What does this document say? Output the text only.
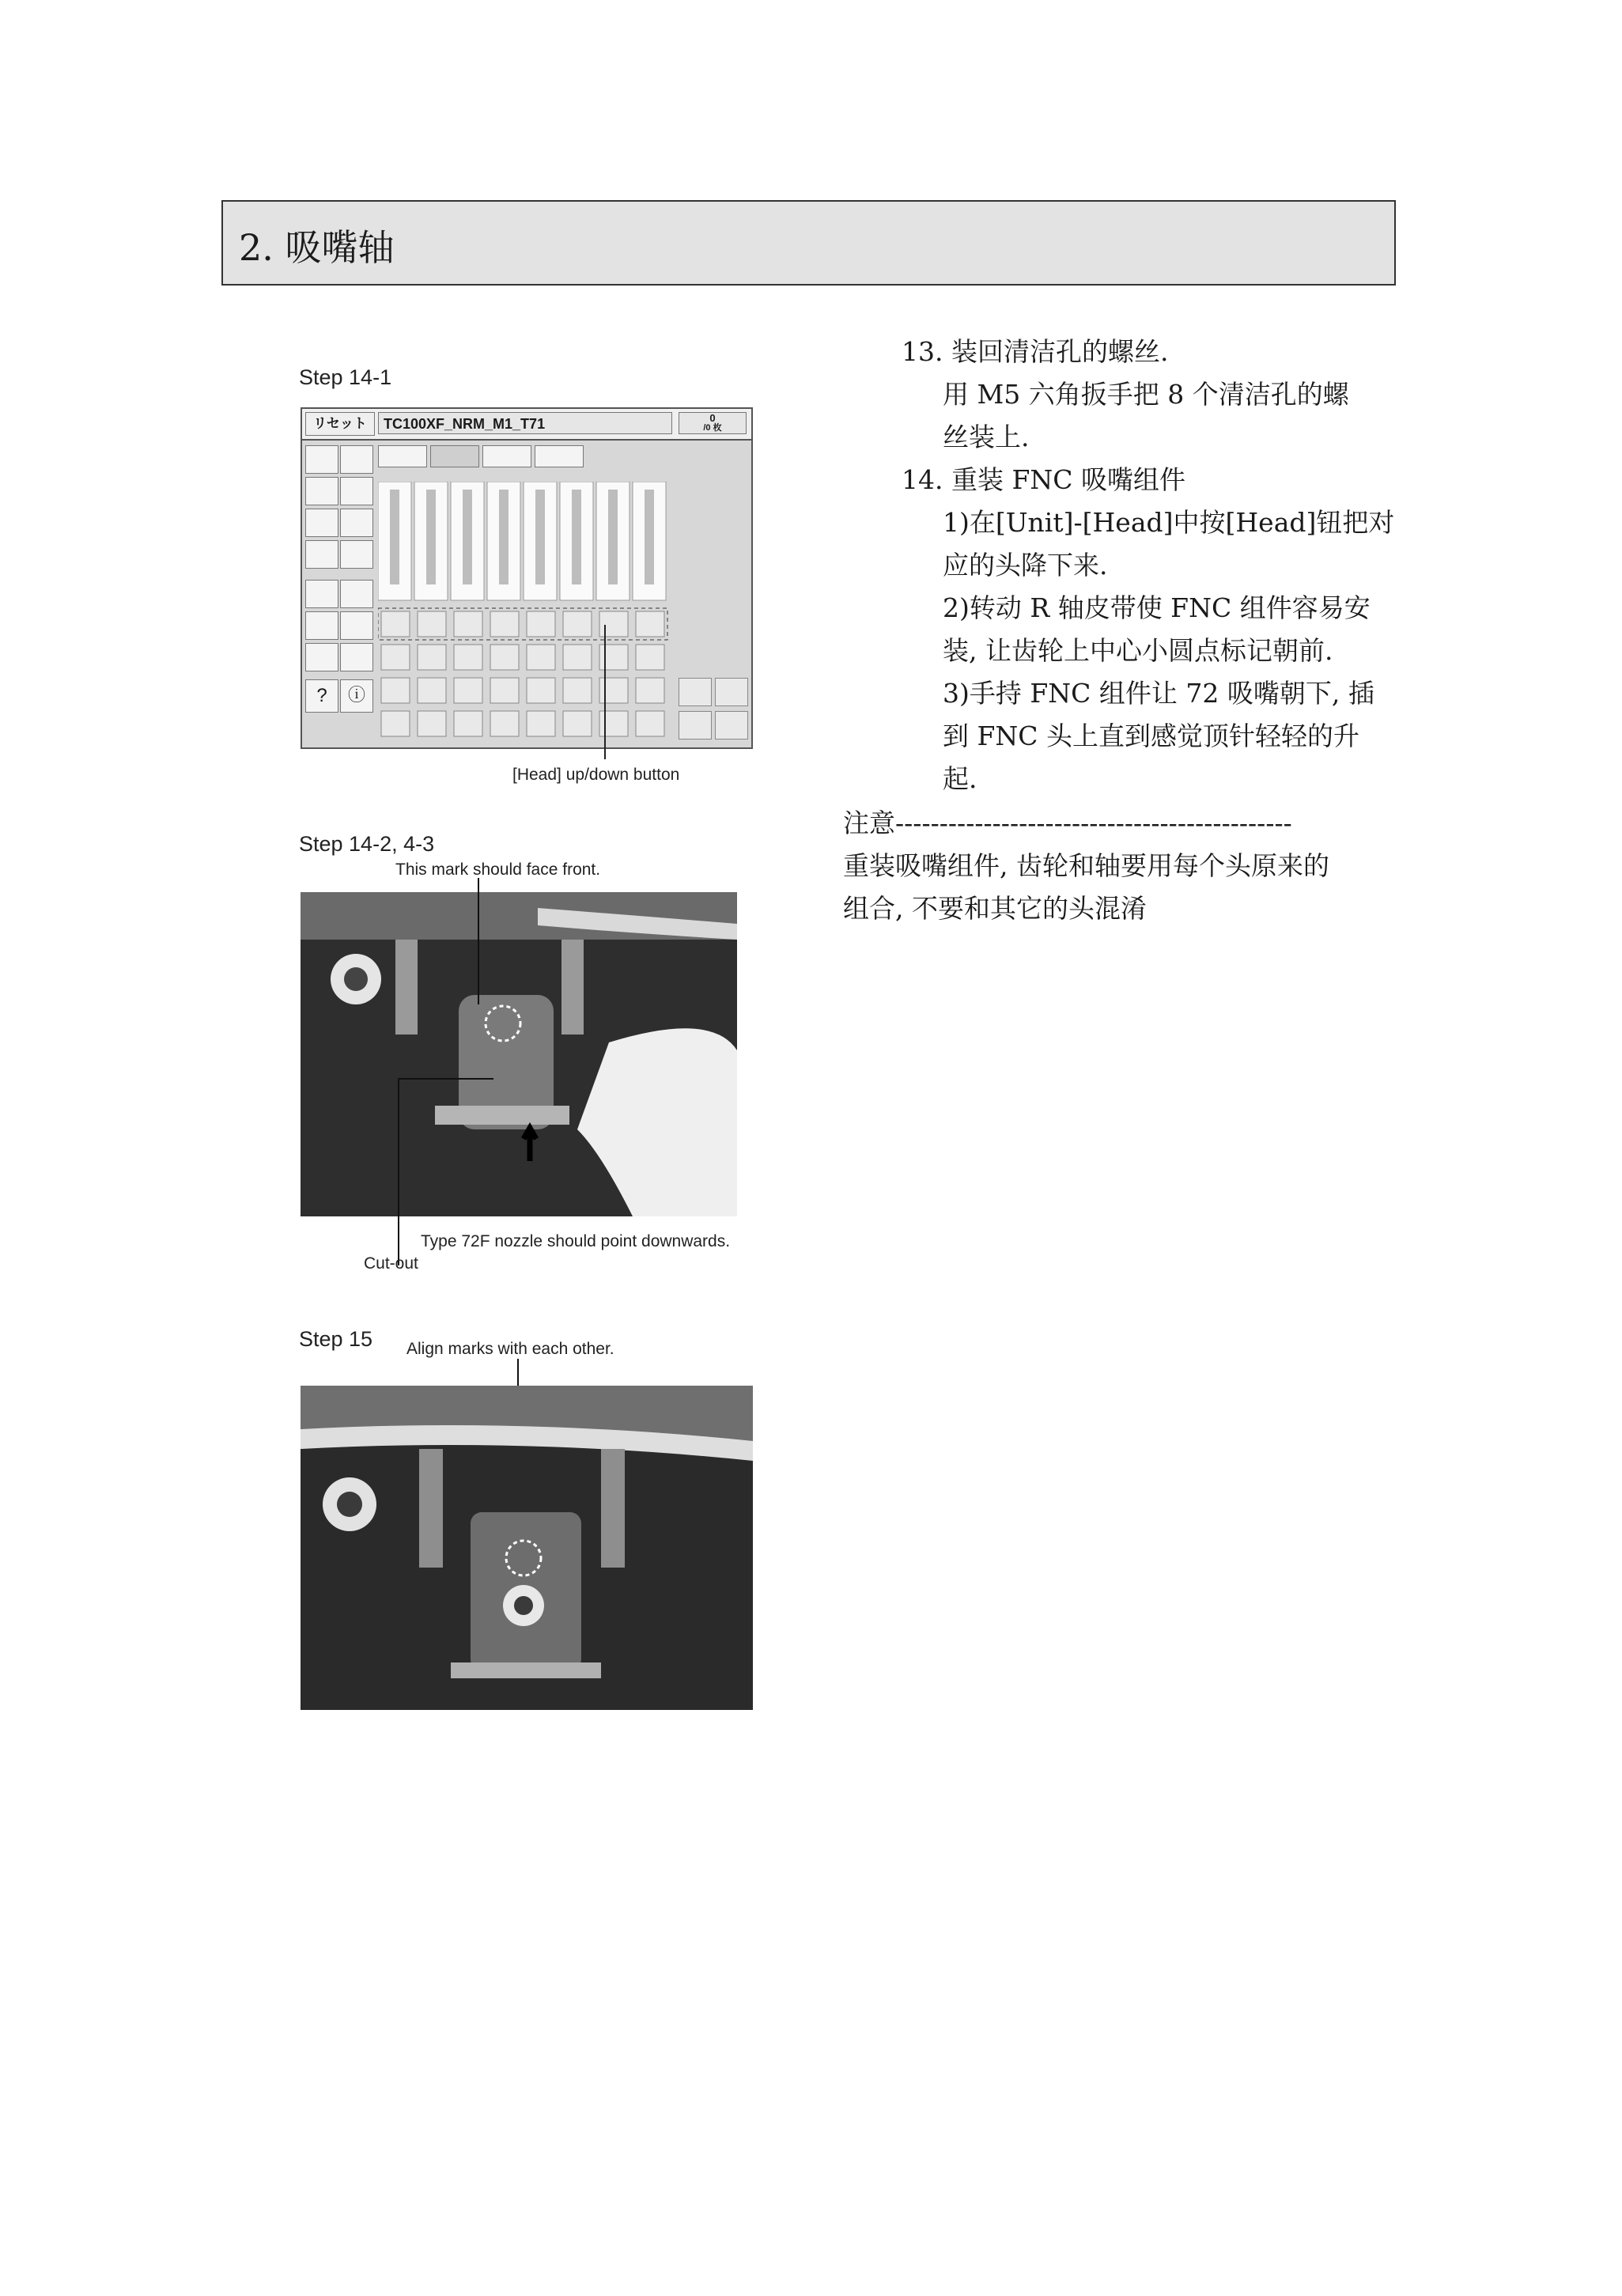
2. 吸嘴轴
Step 14-1
リセット	TC100XF_NRM_M1_T71	0
/0 枚
?	ⓘ
[Head] up/down button
Step 14-2, 4-3
This mark should face front.
Type 72F nozzle should point downwards.
Cut-out
Step 15 Align marks with each other.
13. 装回清洁孔的螺丝.
用 M5 六角扳手把 8 个清洁孔的螺
丝装上.
14. 重装 FNC 吸嘴组件
1)在[Unit]-[Head]中按[Head]钮把对
应的头降下来.
2)转动 R 轴皮带使 FNC 组件容易安
装, 让齿轮上中心小圆点标记朝前.
3)手持 FNC 组件让 72 吸嘴朝下, 插
到 FNC 头上直到感觉顶针轻轻的升
起.
注意---------------------------------------------
重装吸嘴组件, 齿轮和轴要用每个头原来的
组合, 不要和其它的头混淆
